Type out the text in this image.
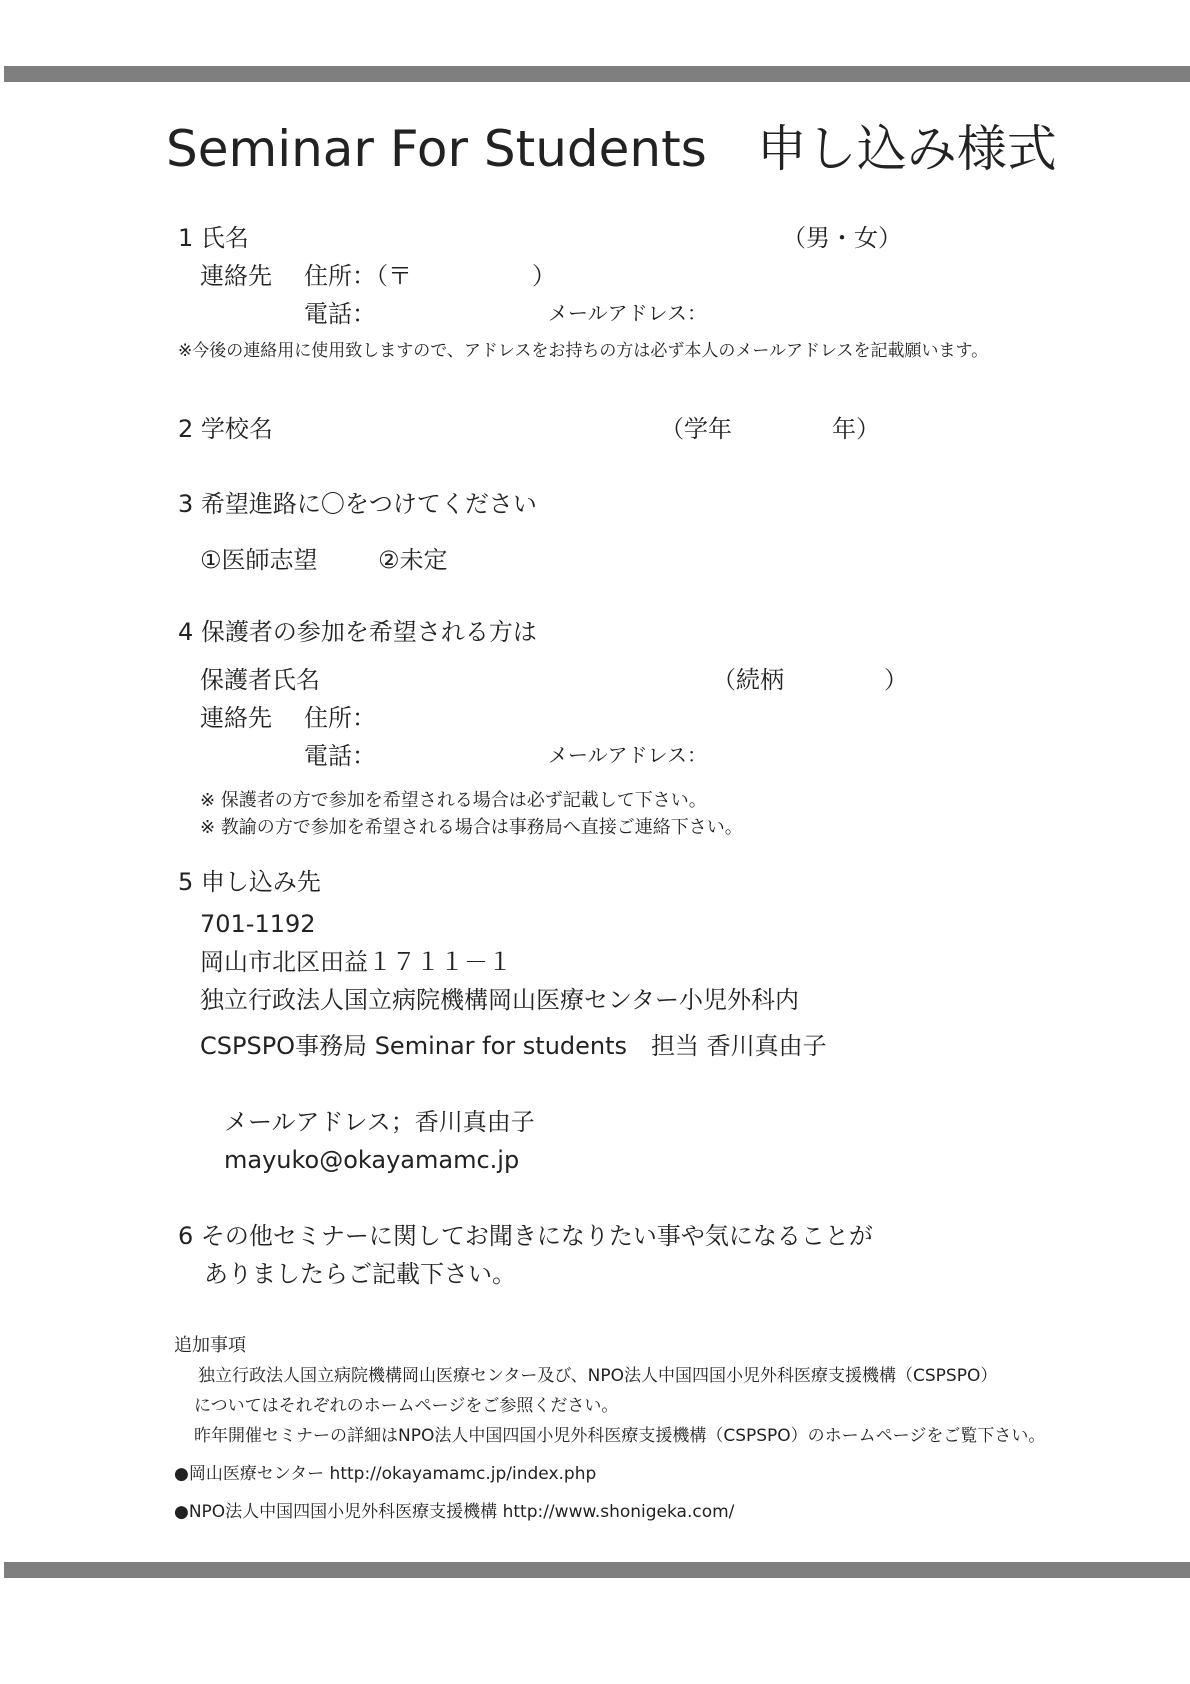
Seminar For Students　申し込み様式
1 氏名	（男・女）
連絡先 住所：（〒　　　　　）
電話：	メールアドレス：
※今後の連絡用に使用致しますので、アドレスをお持ちの方は必ず本人のメールアドレスを記載願います。
2 学校名	（学年	年）
3 希望進路に〇をつけてください
①医師志望	②未定
4 保護者の参加を希望される方は
保護者氏名	（続柄	）
連絡先 住所：
電話：	メールアドレス：
※ 保護者の方で参加を希望される場合は必ず記載して下さい。
※ 教諭の方で参加を希望される場合は事務局へ直接ご連絡下さい。
5 申し込み先
701-1192
岡山市北区田益１７１１－１
独立行政法人国立病院機構岡山医療センター小児外科内
CSPSPO事務局 Seminar for students　担当 香川真由子
メールアドレス；香川真由子
mayuko@okayamamc.jp
6 その他セミナーに関してお聞きになりたい事や気になることが
ありましたらご記載下さい。
追加事項
独立行政法人国立病院機構岡山医療センター及び、NPO法人中国四国小児外科医療支援機構（CSPSPO）
についてはそれぞれのホームページをご参照ください。
昨年開催セミナーの詳細はNPO法人中国四国小児外科医療支援機構（CSPSPO）のホームページをご覧下さい。
●岡山医療センター http://okayamamc.jp/index.php
●NPO法人中国四国小児外科医療支援機構 http://www.shonigeka.com/
